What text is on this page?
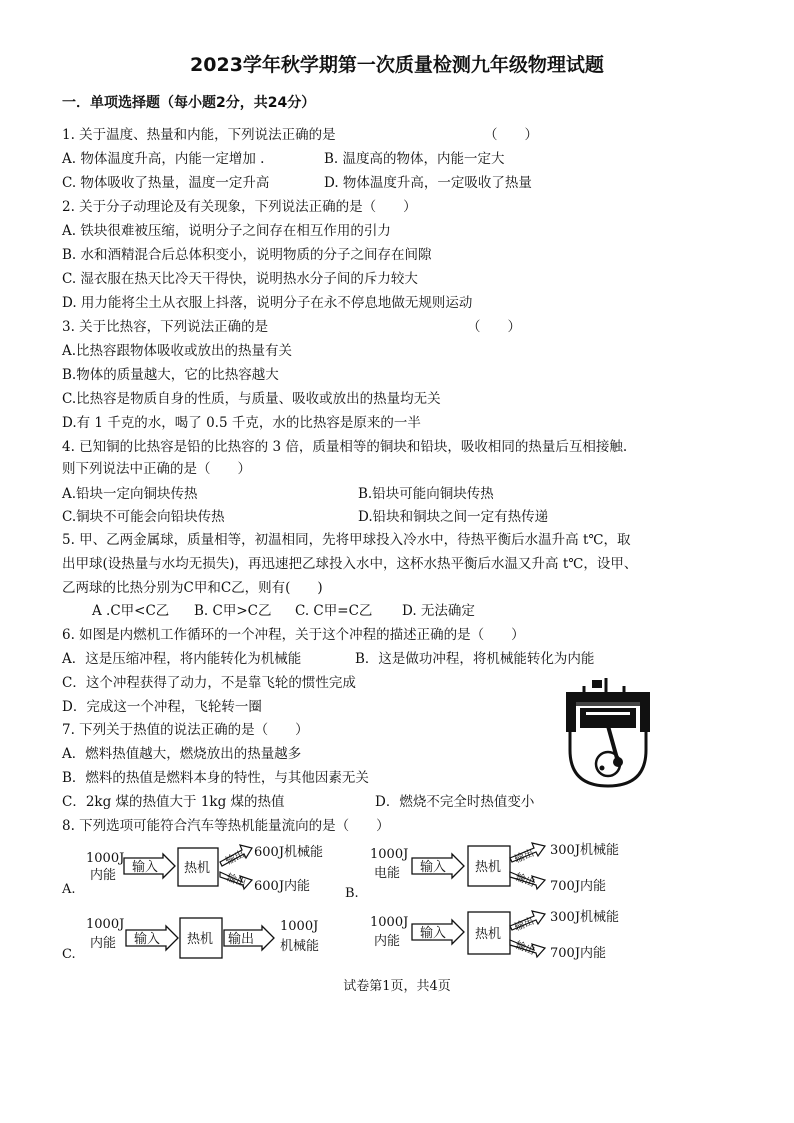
2023学年秋学期第一次质量检测九年级物理试题
一．单项选择题（每小题2分，共24分）
1. 关于温度、热量和内能，下列说法正确的是	（　　）
A. 物体温度升高，内能一定增加 .	B. 温度高的物体，内能一定大
C. 物体吸收了热量，温度一定升高	D. 物体温度升高，一定吸收了热量
2. 关于分子动理论及有关现象，下列说法正确的是（　　）
A. 铁块很难被压缩，说明分子之间存在相互作用的引力
B. 水和酒精混合后总体积变小，说明物质的分子之间存在间隙
C. 湿衣服在热天比冷天干得快，说明热水分子间的斥力较大
D. 用力能将尘土从衣服上抖落，说明分子在永不停息地做无规则运动
3. 关于比热容，下列说法正确的是	（　　）
A.比热容跟物体吸收或放出的热量有关
B.物体的质量越大，它的比热容越大
C.比热容是物质自身的性质，与质量、吸收或放出的热量均无关
D.有 1 千克的水，喝了 0.5 千克，水的比热容是原来的一半
4. 已知铜的比热容是铅的比热容的 3 倍，质量相等的铜块和铅块，吸收相同的热量后互相接触.
则下列说法中正确的是（　　）
A.铅块一定向铜块传热	B.铅块可能向铜块传热
C.铜块不可能会向铅块传热	D.铅块和铜块之间一定有热传递
5. 甲、乙两金属球，质量相等，初温相同，先将甲球投入冷水中，待热平衡后水温升高 t℃，取
出甲球(设热量与水均无损失)，再迅速把乙球投入水中，这杯水热平衡后水温又升高 t℃，设甲、
乙两球的比热分别为C甲和C乙，则有(　　)
A .C甲<C乙 B. C甲>C乙 C. C甲=C乙 D. 无法确定
6. 如图是内燃机工作循环的一个冲程，关于这个冲程的描述正确的是（　　）
A．这是压缩冲程，将内能转化为机械能	B．这是做功冲程，将机械能转化为内能
C．这个冲程获得了动力，不是靠飞轮的惯性完成
D．完成这一个冲程，飞轮转一圈
7. 下列关于热值的说法正确的是（　　）
A．燃料热值越大，燃烧放出的热量越多
B．燃料的热值是燃料本身的特性，与其他因素无关
C．2kg 煤的热值大于 1kg 煤的热值	D．燃烧不完全时热值变小
8. 下列选项可能符合汽车等热机能量流向的是（　　）
A.
1000J
内能
输入 热机
输出
输出
600J机械能
600J内能	B.
1000J
电能 输入 热机
输出
输出
300J机械能
700J内能
C.
1000J
内能 输入 热机 输出
1000J
机械能
1000J
内能
输入 热机
输出
输出
300J机械能
700J内能
试卷第1页，共4页
